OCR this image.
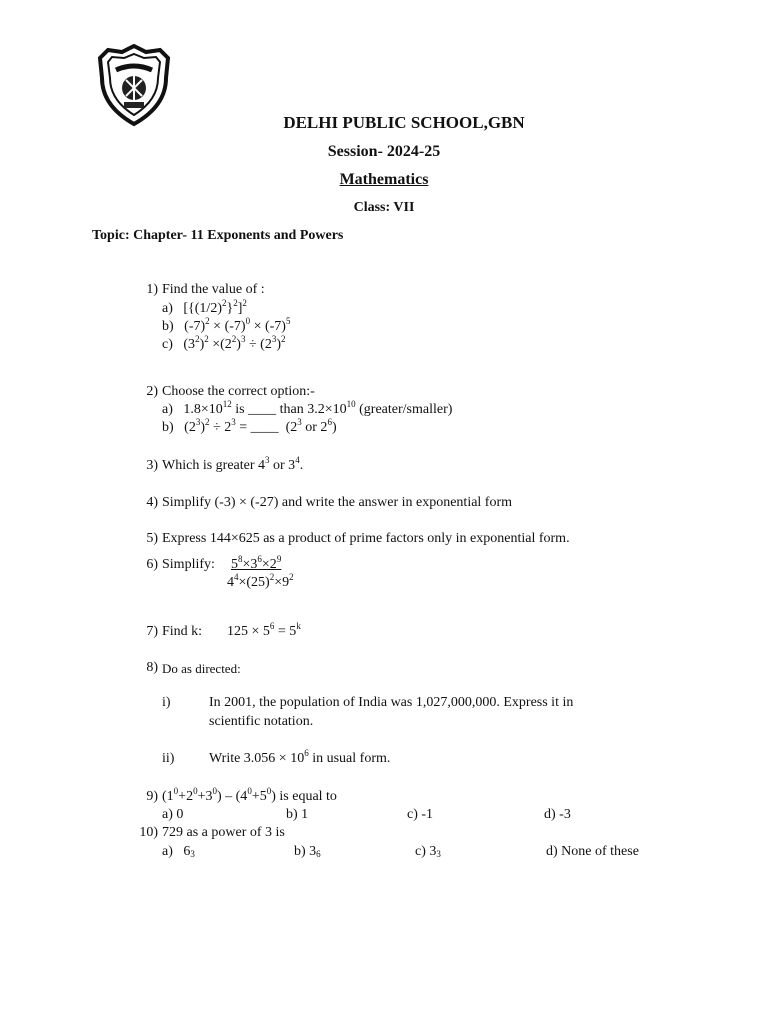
DELHI PUBLIC SCHOOL,GBN
Session- 2024-25
Mathematics
Class: VII
Topic: Chapter- 11 Exponents and Powers
1) Find the value of :
a)   $[\{(1/2)^2\}^2]^2$
b)   $(-7)^2 \times (-7)^0 \times (-7)^5$
c)   $(3^2)^2 \times(2^2)^3 \div (2^3)^2$
2) Choose the correct option:-
a) $1.8\times 10^{12}$ is ____ than $3.2\times 10^{10}$ (greater/smaller)
b)   $(2^3)^2 \div 2^3$ = ____  ($2^3$ or $2^6$)
3) Which is greater $4^3$ or $3^4$.
4) Simplify (-3) × (-27) and write the answer in exponential form
5) Express 144×625 as a product of prime factors only in exponential form.
6) Simplify: $5^8\times 3^6\times 2^9$
$4^4\times(25)^2\times 9^2$
7) Find k: $125 \times 5^6 = 5^k$
8) Do as directed:
i)	In 2001, the population of India was 1,027,000,000. Express it in
scientific notation.
ii) Write $3.056 \times 10^6$ in usual form.
9) $(1^0+2^0+3^0) - (4^0+5^0)$ is equal to
a) 0	b) 1	c) -1	d) -3
10) 729 as a power of 3 is
a)   $6_3$	b) $3_6$	c) $3_3$	d) None of these
